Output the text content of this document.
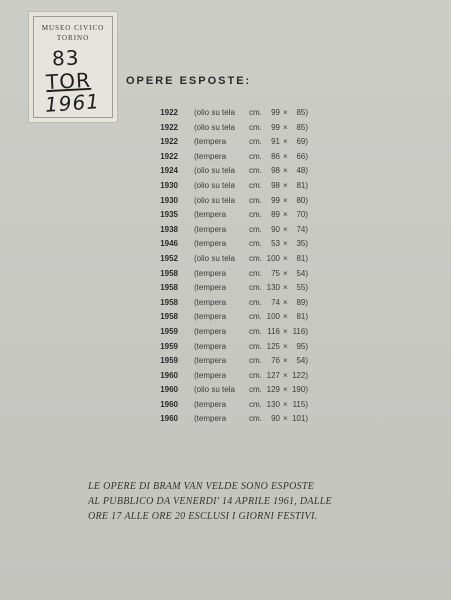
MUSEO CIVICO
TORINO
83
TOR
1961
OPERE ESPOSTE:
1922 (olio su tela cm.	99 ×	85)
1922 (olio su tela cm.	99 ×	85)
1922 (tempera	cm.	91 ×	69)
1922 (tempera	cm.	86 ×	66)
1924 (olio su tela cm.	98 ×	48)
1930 (olio su tela cm.	98 ×	81)
1930 (olio su tela cm.	99 ×	80)
1935 (tempera	cm.	89 ×	70)
1938 (tempera	cm.	90 ×	74)
1946 (tempera	cm.	53 ×	35)
1952 (olio su tela cm. 100 ×	81)
1958 (tempera	cm.	75 ×	54)
1958 (tempera	cm. 130 ×	55)
1958 (tempera	cm.	74 ×	89)
1958 (tempera	cm. 100 ×	81)
1959 (tempera	cm. 116 × 116)
1959 (tempera	cm. 125 ×	95)
1959 (tempera	cm.	76 ×	54)
1960 (tempera	cm. 127 × 122)
1960 (olio su tela cm. 129 × 190)
1960 (tempera	cm. 130 × 115)
1960 (tempera	cm.	90 × 101)
LE OPERE DI BRAM VAN VELDE SONO ESPOSTE
AL PUBBLICO DA VENERDI' 14 APRILE 1961, DALLE
ORE 17 ALLE ORE 20 ESCLUSI I GIORNI FESTIVI.
